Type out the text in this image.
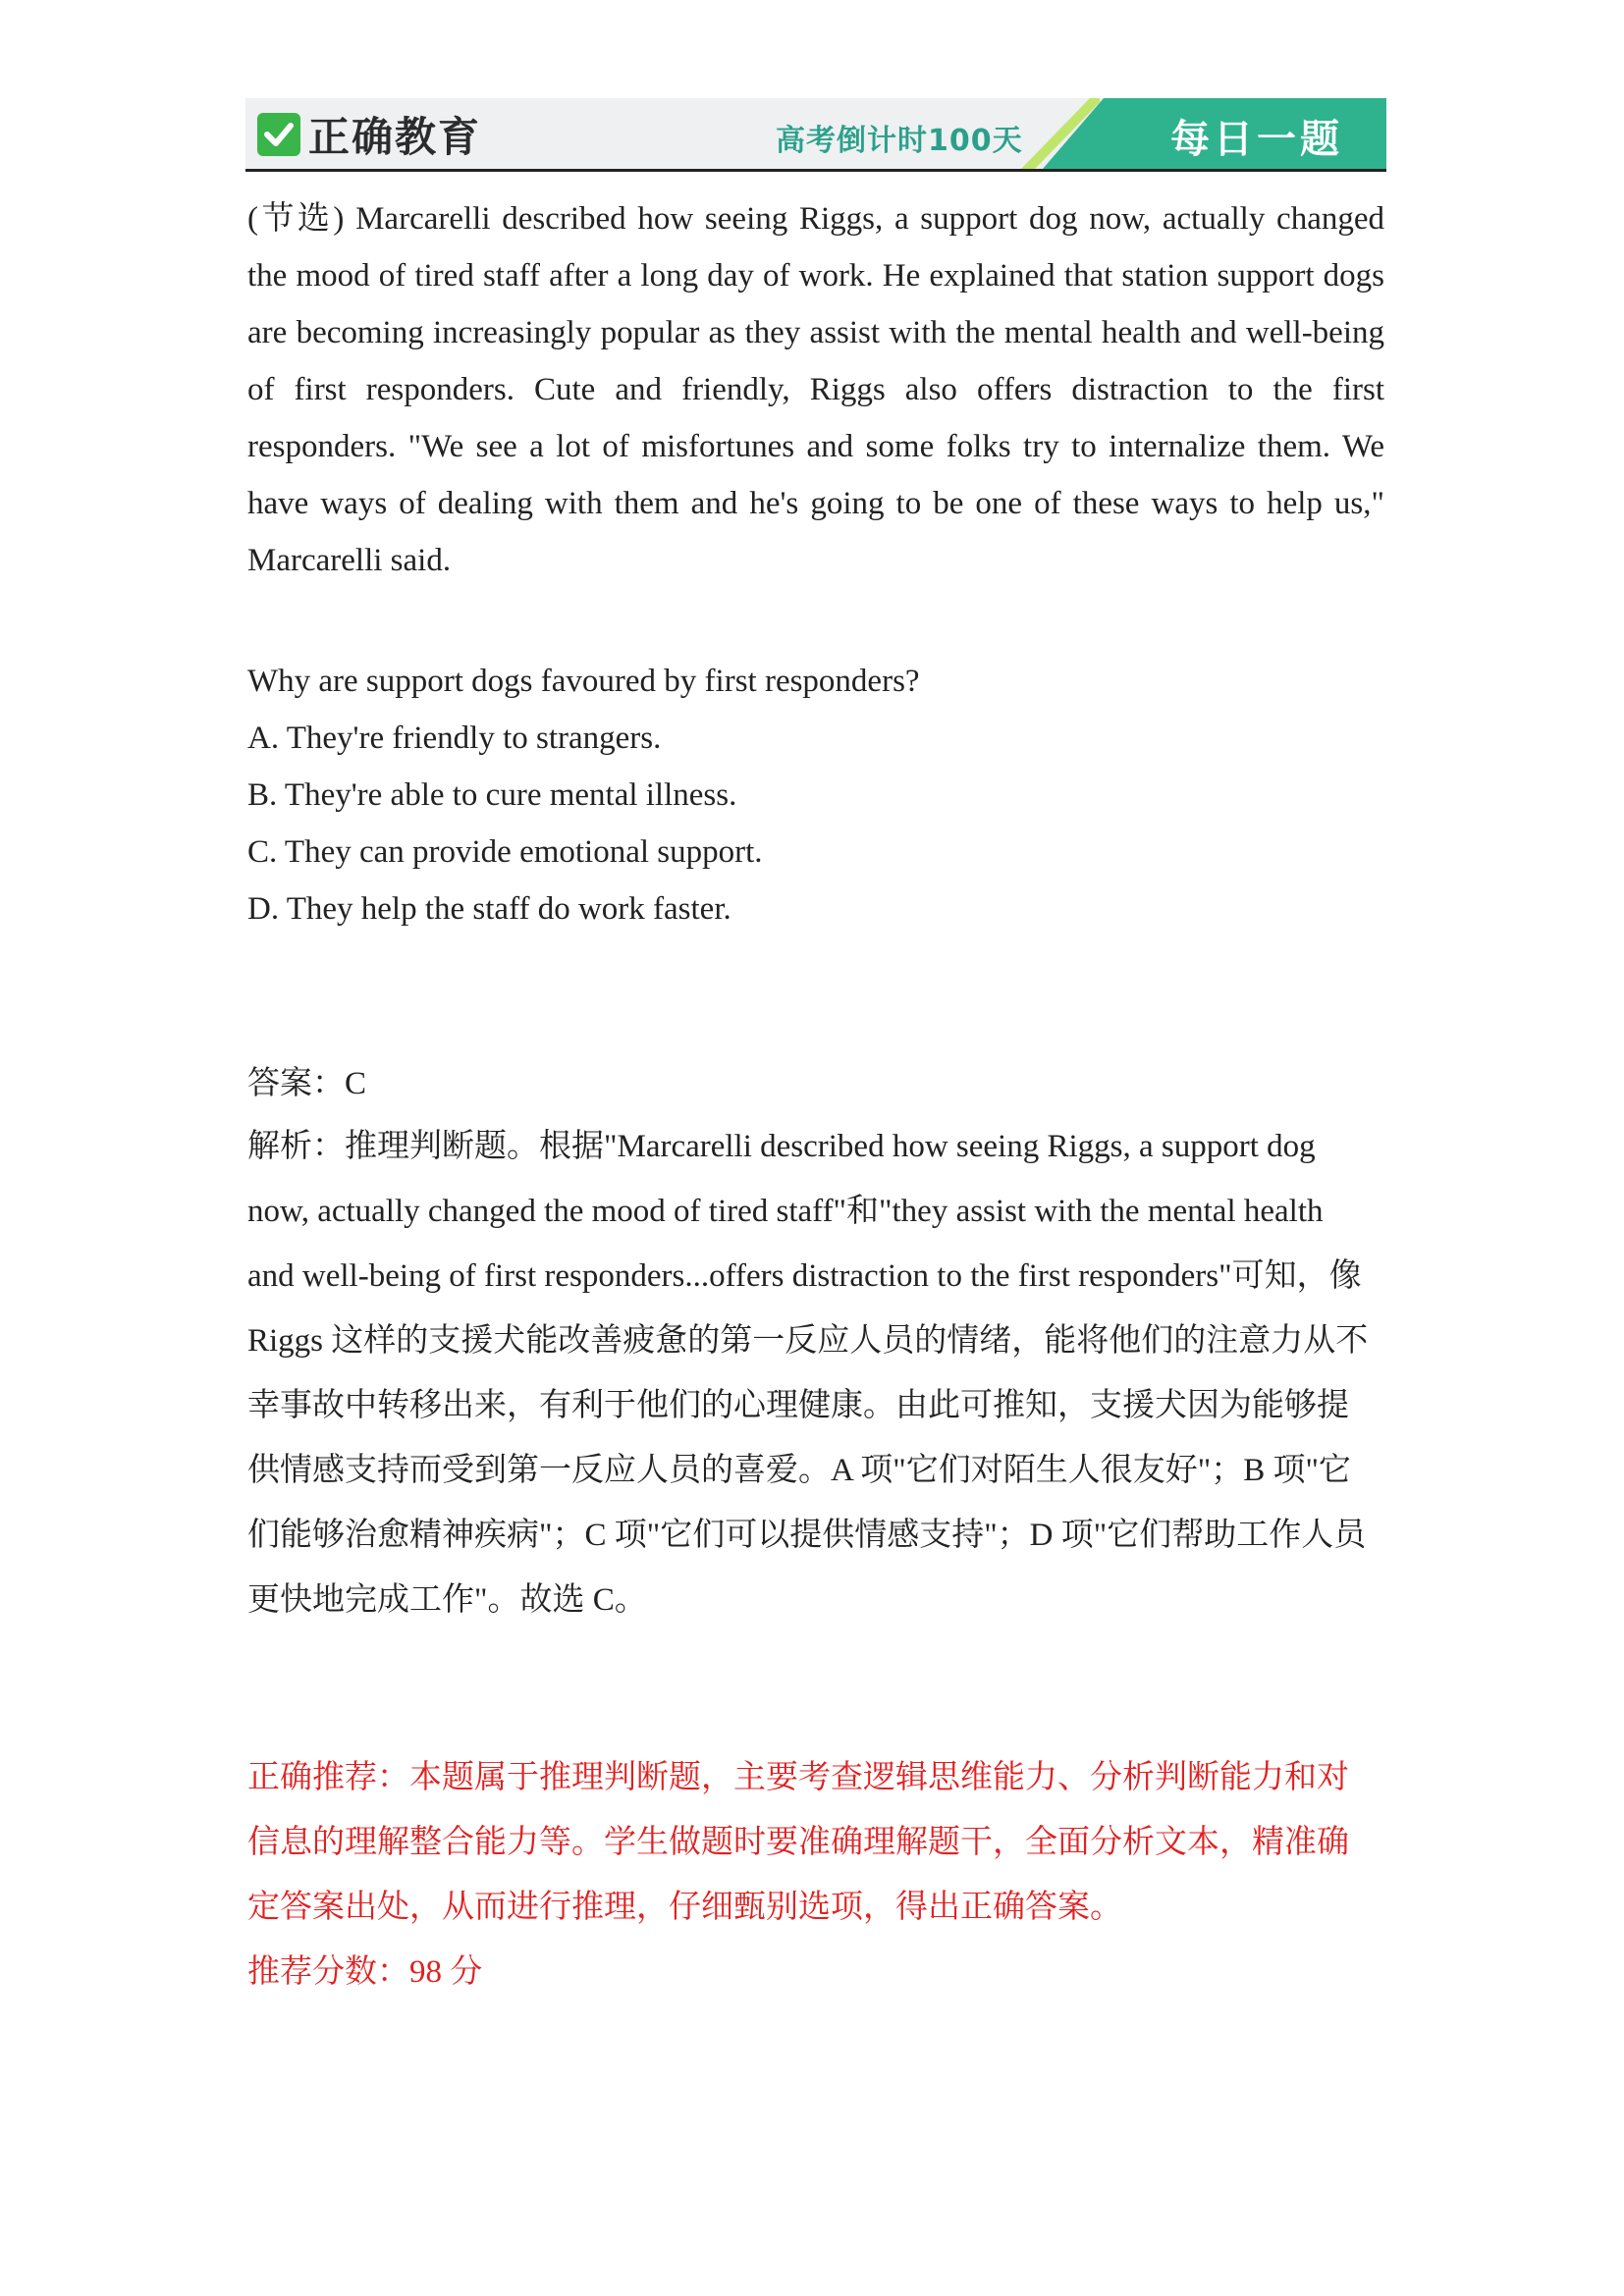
正确教育	高考倒计时100天	每日一题
(节选) Marcarelli described how seeing Riggs, a support dog now, actually changed the mood of tired staff after a long day of work. He explained that station support dogs are becoming increasingly popular as they assist with the mental health and well-being of first responders. Cute and friendly, Riggs also offers distraction to the first responders. "We see a lot of misfortunes and some folks try to internalize them. We have ways of dealing with them and he's going to be one of these ways to help us," Marcarelli said.
Why are support dogs favoured by first responders?
A. They're friendly to strangers.
B. They're able to cure mental illness.
C. They can provide emotional support.
D. They help the staff do work faster.
答案：C
解析：推理判断题。根据"Marcarelli described how seeing Riggs, a support dog
now, actually changed the mood of tired staff"和"they assist with the mental health
and well-being of first responders...offers distraction to the first responders"可知，像
Riggs 这样的支援犬能改善疲惫的第一反应人员的情绪，能将他们的注意力从不
幸事故中转移出来，有利于他们的心理健康。由此可推知，支援犬因为能够提
供情感支持而受到第一反应人员的喜爱。A 项"它们对陌生人很友好"；B 项"它
们能够治愈精神疾病"；C 项"它们可以提供情感支持"；D 项"它们帮助工作人员
更快地完成工作"。故选 C。
正确推荐：本题属于推理判断题，主要考查逻辑思维能力、分析判断能力和对
信息的理解整合能力等。学生做题时要准确理解题干，全面分析文本，精准确
定答案出处，从而进行推理，仔细甄别选项，得出正确答案。
推荐分数：98 分
